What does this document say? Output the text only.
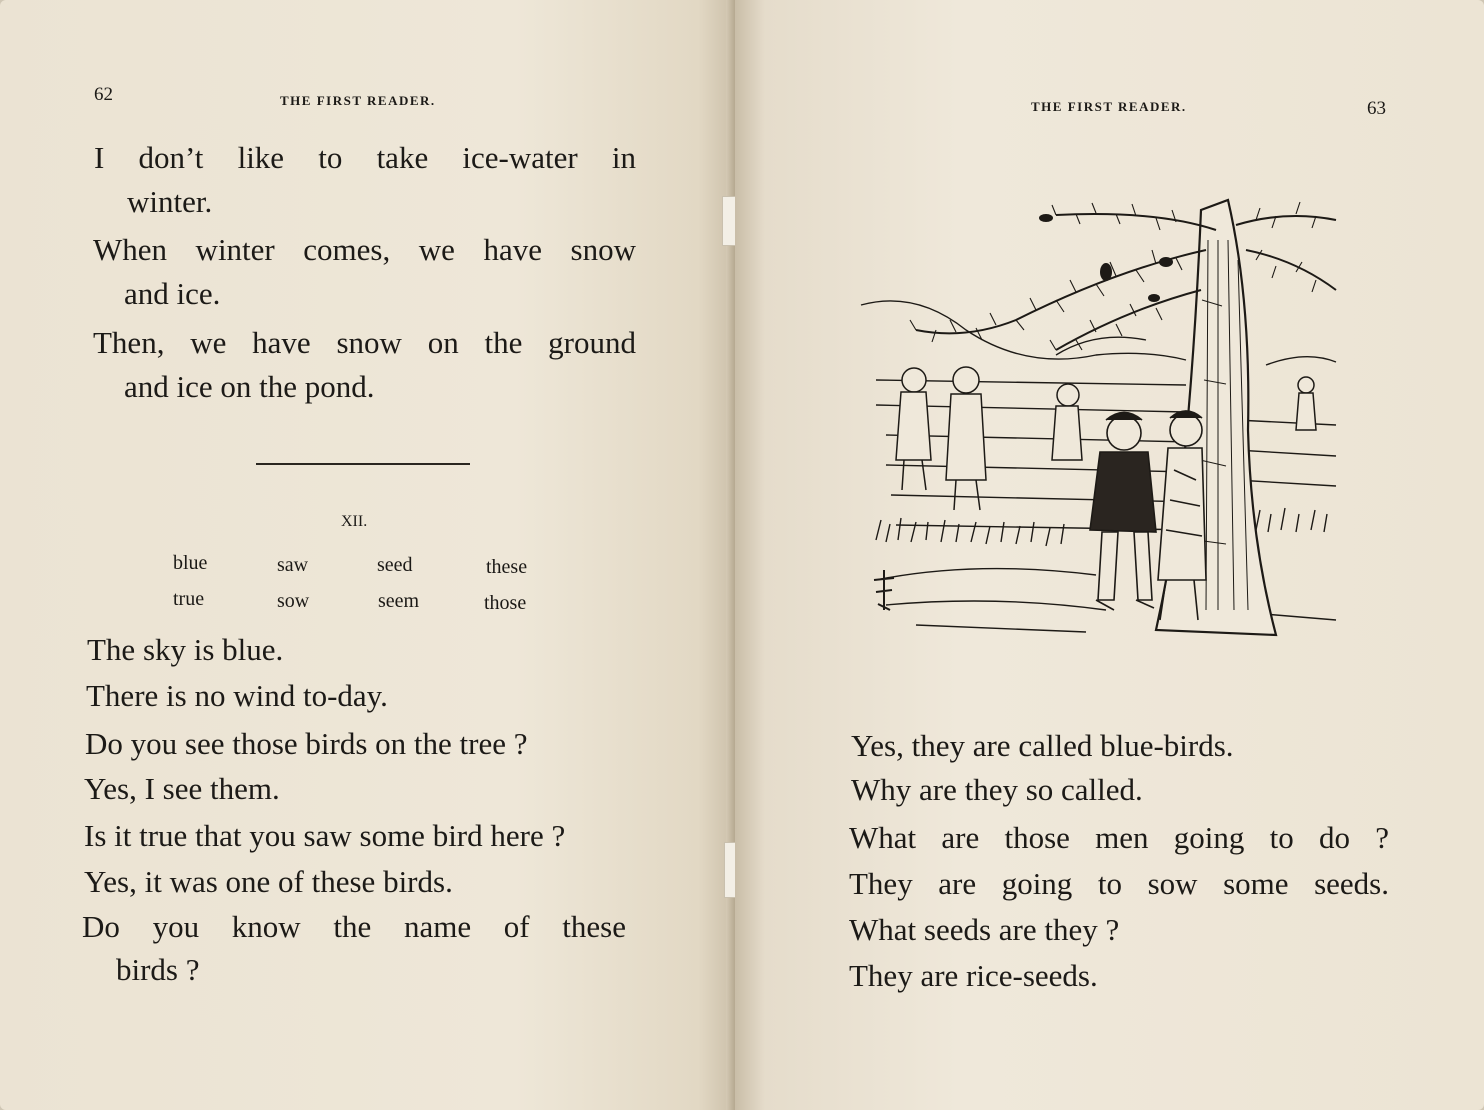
62	THE FIRST READER.
I don’t like to take ice-water in
winter.
When winter comes, we have snow
and ice.
Then, we have snow on the ground
and ice on the pond.
XII.
blue	saw	seed	these
true	sow	seem	those
The sky is blue.
There is no wind to-day.
Do you see those birds on the tree ?
Yes, I see them.
Is it true that you saw some bird here ?
Yes, it was one of these birds.
Do you know the name of these
birds ?
THE FIRST READER.	63
Yes, they are called blue-birds.
Why are they so called.
What are those men going to do ?
They are going to sow some seeds.
What seeds are they ?
They are rice-seeds.
